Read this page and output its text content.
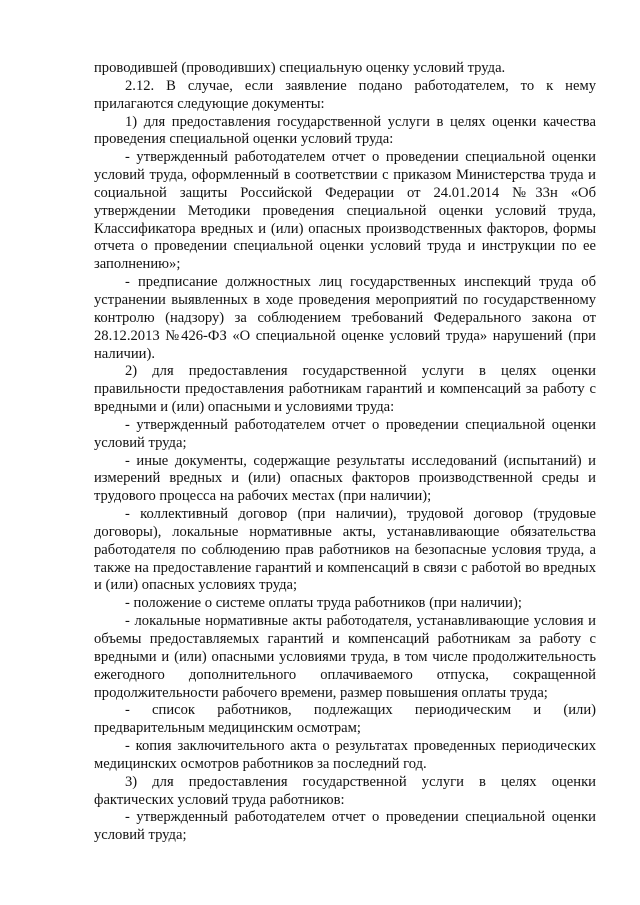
проводившей (проводивших) специальную оценку условий труда.

2.12. В случае, если заявление подано работодателем, то к нему прилагаются следующие документы:

1) для предоставления государственной услуги в целях оценки качества проведения специальной оценки условий труда:

- утвержденный работодателем отчет о проведении специальной оценки условий труда, оформленный в соответствии с приказом Министерства труда и социальной защиты Российской Федерации от 24.01.2014 №33н «Об утверждении Методики проведения специальной оценки условий труда, Классификатора вредных и (или) опасных производственных факторов, формы отчета о проведении специальной оценки условий труда и инструкции по ее заполнению»;

- предписание должностных лиц государственных инспекций труда об устранении выявленных в ходе проведения мероприятий по государственному контролю (надзору) за соблюдением требований Федерального закона от 28.12.2013 №426-ФЗ «О специальной оценке условий труда» нарушений (при наличии).

2) для предоставления государственной услуги в целях оценки правильности предоставления работникам гарантий и компенсаций за работу с вредными и (или) опасными и условиями труда:

- утвержденный работодателем отчет о проведении специальной оценки условий труда;

- иные документы, содержащие результаты исследований (испытаний) и измерений вредных и (или) опасных факторов производственной среды и трудового процесса на рабочих местах (при наличии);

- коллективный договор (при наличии), трудовой договор (трудовые договоры), локальные нормативные акты, устанавливающие обязательства работодателя по соблюдению прав работников на безопасные условия труда, а также на предоставление гарантий и компенсаций в связи с работой во вредных и (или) опасных условиях труда;

- положение о системе оплаты труда работников (при наличии);

- локальные нормативные акты работодателя, устанавливающие условия и объемы предоставляемых гарантий и компенсаций работникам за работу с вредными и (или) опасными условиями труда, в том числе продолжительность ежегодного дополнительного оплачиваемого отпуска, сокращенной продолжительности рабочего времени, размер повышения оплаты труда;

- список работников, подлежащих периодическим и (или) предварительным медицинским осмотрам;

- копия заключительного акта о результатах проведенных периодических медицинских осмотров работников за последний год.

3) для предоставления государственной услуги в целях оценки фактических условий труда работников:

- утвержденный работодателем отчет о проведении специальной оценки условий труда;
